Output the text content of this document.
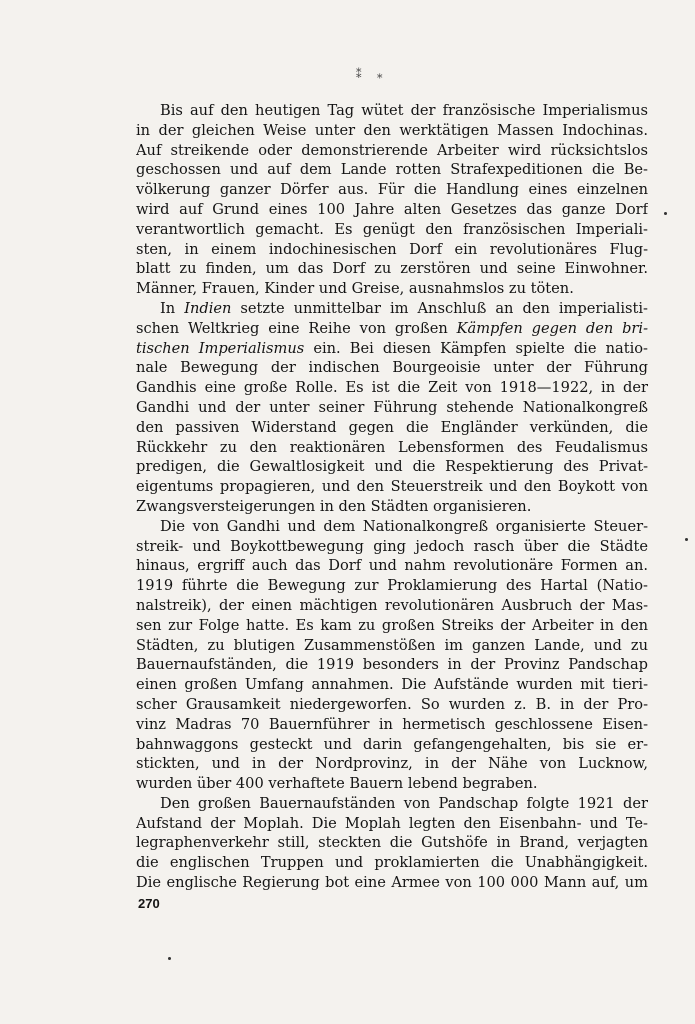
⁑ ⁎

Bis auf den heutigen Tag wütet der französische Imperialismus
in der gleichen Weise unter den werktätigen Massen Indochinas.
Auf streikende oder demonstrierende Arbeiter wird rücksichtslos
geschossen und auf dem Lande rotten Strafexpeditionen die Be-
völkerung ganzer Dörfer aus. Für die Handlung eines einzelnen
wird auf Grund eines 100 Jahre alten Gesetzes das ganze Dorf
verantwortlich gemacht. Es genügt den französischen Imperiali-
sten, in einem indochinesischen Dorf ein revolutionäres Flug-
blatt zu finden, um das Dorf zu zerstören und seine Einwohner.
Männer, Frauen, Kinder und Greise, ausnahmslos zu töten.

In Indien setzte unmittelbar im Anschluß an den imperialisti-
schen Weltkrieg eine Reihe von großen Kämpfen gegen den bri-
tischen Imperialismus ein. Bei diesen Kämpfen spielte die natio-
nale Bewegung der indischen Bourgeoisie unter der Führung
Gandhis eine große Rolle. Es ist die Zeit von 1918—1922, in der
Gandhi und der unter seiner Führung stehende Nationalkongreß
den passiven Widerstand gegen die Engländer verkünden, die
Rückkehr zu den reaktionären Lebensformen des Feudalismus
predigen, die Gewaltlosigkeit und die Respektierung des Privat-
eigentums propagieren, und den Steuerstreik und den Boykott von
Zwangsversteigerungen in den Städten organisieren.

Die von Gandhi und dem Nationalkongreß organisierte Steuer-
streik- und Boykottbewegung ging jedoch rasch über die Städte
hinaus, ergriff auch das Dorf und nahm revolutionäre Formen an.
1919 führte die Bewegung zur Proklamierung des Hartal (Natio-
nalstreik), der einen mächtigen revolutionären Ausbruch der Mas-
sen zur Folge hatte. Es kam zu großen Streiks der Arbeiter in den
Städten, zu blutigen Zusammenstößen im ganzen Lande, und zu
Bauernaufständen, die 1919 besonders in der Provinz Pandschap
einen großen Umfang annahmen. Die Aufstände wurden mit tieri-
scher Grausamkeit niedergeworfen. So wurden z. B. in der Pro-
vinz Madras 70 Bauernführer in hermetisch geschlossene Eisen-
bahnwaggons gesteckt und darin gefangengehalten, bis sie er-
stickten, und in der Nordprovinz, in der Nähe von Lucknow,
wurden über 400 verhaftete Bauern lebend begraben.

Den großen Bauernaufständen von Pandschap folgte 1921 der
Aufstand der Moplah. Die Moplah legten den Eisenbahn- und Te-
legraphenverkehr still, steckten die Gutshöfe in Brand, verjagten
die englischen Truppen und proklamierten die Unabhängigkeit.
Die englische Regierung bot eine Armee von 100 000 Mann auf, um

270
